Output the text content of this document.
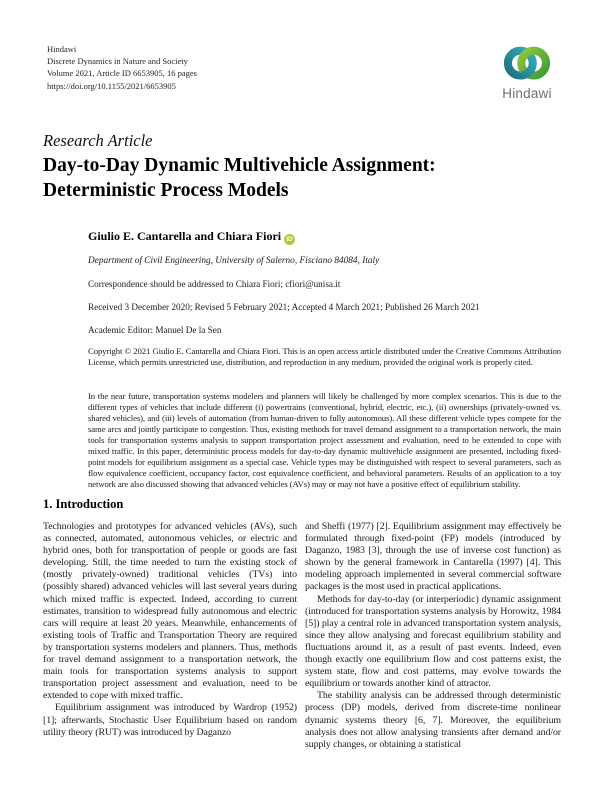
Hindawi
Discrete Dynamics in Nature and Society
Volume 2021, Article ID 6653905, 16 pages
https://doi.org/10.1155/2021/6653905
Hindawi
Research Article
Day-to-Day Dynamic Multivehicle Assignment: Deterministic Process Models
Giulio E. Cantarella and Chiara Fiori iD
Department of Civil Engineering, University of Salerno, Fisciano 84084, Italy
Correspondence should be addressed to Chiara Fiori; cfiori@unisa.it
Received 3 December 2020; Revised 5 February 2021; Accepted 4 March 2021; Published 26 March 2021
Academic Editor: Manuel De la Sen
Copyright © 2021 Giulio E. Cantarella and Chiara Fiori. This is an open access article distributed under the Creative Commons Attribution License, which permits unrestricted use, distribution, and reproduction in any medium, provided the original work is properly cited.
In the near future, transportation systems modelers and planners will likely be challenged by more complex scenarios. This is due to the different types of vehicles that include different (i) powertrains (conventional, hybrid, electric, etc.), (ii) ownerships (privately-owned vs. shared vehicles), and (iii) levels of automation (from human-driven to fully autonomous). All these different vehicle types compete for the same arcs and jointly participate to congestion. Thus, existing methods for travel demand assignment to a transportation network, the main tools for transportation systems analysis to support transportation project assessment and evaluation, need to be extended to cope with mixed traffic. In this paper, deterministic process models for day-to-day dynamic multivehicle assignment are presented, including fixed-point models for equilibrium assignment as a special case. Vehicle types may be distinguished with respect to several parameters, such as flow equivalence coefficient, occupancy factor, cost equivalence coefficient, and behavioral parameters. Results of an application to a toy network are also discussed showing that advanced vehicles (AVs) may or may not have a positive effect of equilibrium stability.
1. Introduction

Technologies and prototypes for advanced vehicles (AVs), such as connected, automated, autonomous vehicles, or electric and hybrid ones, both for transportation of people or goods are fast developing. Still, the time needed to turn the existing stock of (mostly privately-owned) traditional vehicles (TVs) into (possibly shared) advanced vehicles will last several years during which mixed traffic is expected. Indeed, according to current estimates, transition to widespread fully autonomous and electric cars will require at least 20 years. Meanwhile, enhancements of existing tools of Traffic and Transportation Theory are required by transportation systems modelers and planners. Thus, methods for travel demand assignment to a transportation network, the main tools for transportation systems analysis to support transportation project assessment and evaluation, need to be extended to cope with mixed traffic.

Equilibrium assignment was introduced by Wardrop (1952) [1]; afterwards, Stochastic User Equilibrium based on random utility theory (RUT) was introduced by Daganzo

and Sheffi (1977) [2]. Equilibrium assignment may effectively be formulated through fixed-point (FP) models (introduced by Daganzo, 1983 [3], through the use of inverse cost function) as shown by the general framework in Cantarella (1997) [4]. This modeling approach implemented in several commercial software packages is the most used in practical applications.

Methods for day-to-day (or interperiodic) dynamic assignment (introduced for transportation systems analysis by Horowitz, 1984 [5]) play a central role in advanced transportation system analysis, since they allow analysing and forecast equilibrium stability and fluctuations around it, as a result of past events. Indeed, even though exactly one equilibrium flow and cost patterns exist, the system state, flow and cost patterns, may evolve towards the equilibrium or towards another kind of attractor.

The stability analysis can be addressed through deterministic process (DP) models, derived from discrete-time nonlinear dynamic systems theory [6, 7]. Moreover, the equilibrium analysis does not allow analysing transients after demand and/or supply changes, or obtaining a statistical
